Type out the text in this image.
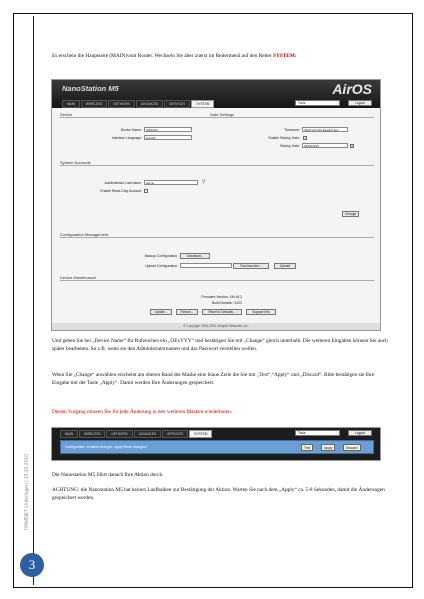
HAMNET Unterlagen | 15.10.2010
3
Es erschein die Hauptseite (MAIN)vom Router. Wechseln Sie aber zuerst im Reitermenü auf den Reiter SYSTEM:
NanoStation M5	AirOS
MAIN	WIRELESS	NETWORK	ADVANCED	SERVICES	SYSTEM	Tools	Logout
Device	Date Settings
Device Name:	OE5XGC
Interface Language:	English
Timezone:	(GMT+02:00) Eastern Eur
Enable Startup Date:	✓
Startup Date:	09/05/2010
System Accounts
Administrator Username:	admin	⚲
Enable Read-Only Account:
Change
Configuration Management
Backup Configuration:	Download...
Upload Configuration:	Durchsuchen...	Upload
Device Maintenance
Firmware Version: XM.v5.2
Build Number: 5122
Update...	Reboot...	Reset to Defaults...	Support Info
© Copyright 2006-2010 Ubiquiti Networks, Inc.
Und geben Sie bei „Device Name“ Ihr Rufzeichen ein „OExYYY“ und bestätigen Sie mit „Change“ gleich unterhalb. Die weiteren Eingaben können Sie auch später bearbeiten. So z.B. wenn sie den Administratornamen und das Passwort verstellen wollen.
Wenn Sie „Change“ anwählen erscheint am oberen Rand der Maske eine blaue Zeile die Sie mit „Test“,“Apply“ und „Discard“. Bitte bestätigen sie Ihre Eingabe mit der Taste „Apply“. Damit werden Ihre Änderungen gespeichert.
Diesen Vorgang müssen Sie für jede Änderung in den weiteren Masken wiederholen.
MAIN	WIRELESS	NETWORK	ADVANCED	SERVICES	SYSTEM	Tools	Logout
Configuration contains changes. Apply these changes?	Test	Apply	Discard
Die Nanostation M5 führt danach Ihre Aktion durch.
ACHTUNG: die Nanostation M5 hat keinen Laufbalken zur Bestätigung der Aktion. Warten Sie nach dem „Apply“ ca. 5-8 Sekunden, damit die Änderungen gespeichert werden.
